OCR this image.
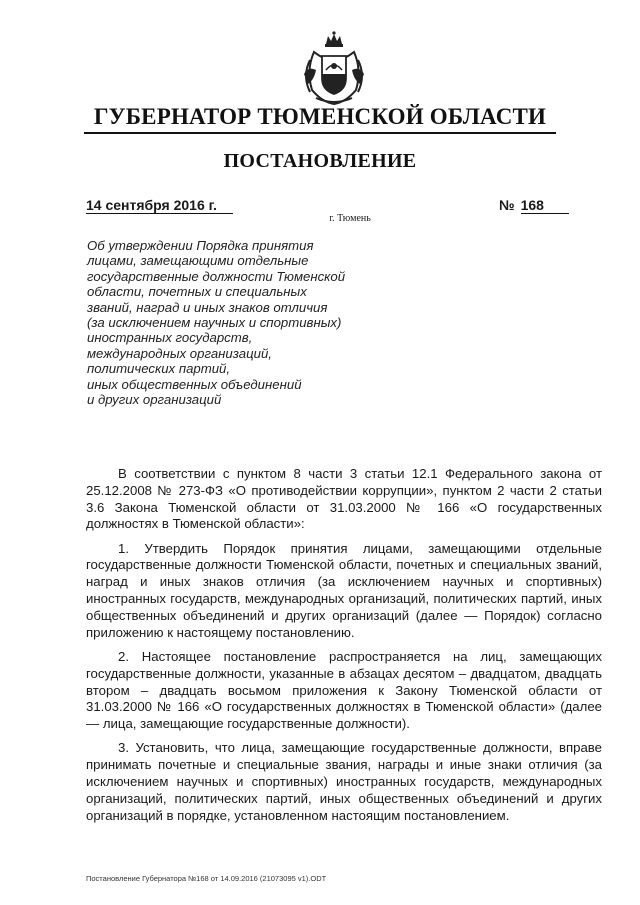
ГУБЕРНАТОР ТЮМЕНСКОЙ ОБЛАСТИ
ПОСТАНОВЛЕНИЕ
14 сентября 2016 г.	№ 168
г. Тюмень
Об утверждении Порядка принятия
лицами, замещающими отдельные
государственные должности Тюменской
области, почетных и специальных
званий, наград и иных знаков отличия
(за исключением научных и спортивных)
иностранных государств,
международных организаций,
политических партий,
иных общественных объединений
и других организаций

В соответствии с пунктом 8 части 3 статьи 12.1 Федерального закона от 25.12.2008 № 273-ФЗ «О противодействии коррупции», пунктом 2 части 2 статьи 3.6 Закона Тюменской области от 31.03.2000 № 166 «О государственных должностях в Тюменской области»:

1. Утвердить Порядок принятия лицами, замещающими отдельные государственные должности Тюменской области, почетных и специальных званий, наград и иных знаков отличия (за исключением научных и спортивных) иностранных государств, международных организаций, политических партий, иных общественных объединений и других организаций (далее — Порядок) согласно приложению к настоящему постановлению.

2. Настоящее постановление распространяется на лиц, замещающих государственные должности, указанные в абзацах десятом – двадцатом, двадцать втором – двадцать восьмом приложения к Закону Тюменской области от 31.03.2000 № 166 «О государственных должностях в Тюменской области» (далее — лица, замещающие государственные должности).

3. Установить, что лица, замещающие государственные должности, вправе принимать почетные и специальные звания, награды и иные знаки отличия (за исключением научных и спортивных) иностранных государств, международных организаций, политических партий, иных общественных объединений и других организаций в порядке, установленном настоящим постановлением.

Постановление Губернатора №168 от 14.09.2016 (21073095 v1).ODT
